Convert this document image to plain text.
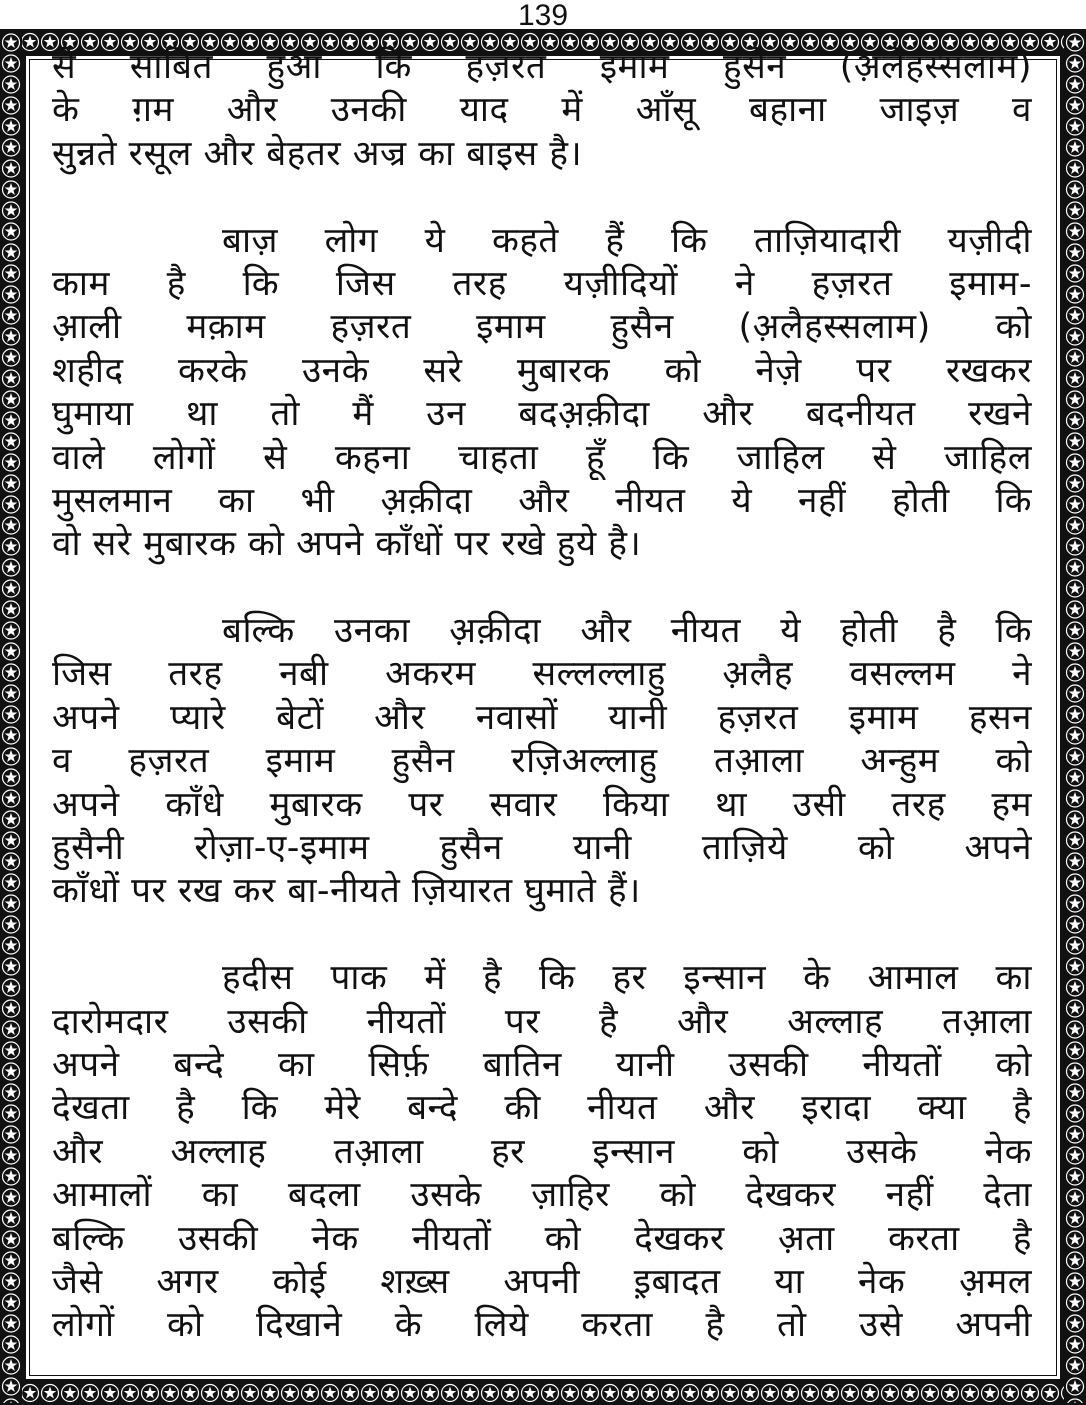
139
से साबित हुआ कि हज़रत इमाम हुसैन (अ़लैहस्सलाम)
के ग़म और उनकी याद में आँसू बहाना जाइज़ व
सुन्नते रसूल और बेहतर अज्र का बाइस है।
बाज़ लोग ये कहते हैं कि ताज़ियादारी यज़ीदी
काम है कि जिस तरह यज़ीदियों ने हज़रत इमाम-
आ़ली मक़ाम हज़रत इमाम हुसैन (अ़लैहस्सलाम) को
शहीद करके उनके सरे मुबारक को नेज़े पर रखकर
घुमाया था तो मैं उन बदअ़क़ीदा और बदनीयत रखने
वाले लोगों से कहना चाहता हूँ कि जाहिल से जाहिल
मुसलमान का भी अ़क़ीदा और नीयत ये नहीं होती कि
वो सरे मुबारक को अपने काँधों पर रखे हुये है।
बल्कि उनका अ़क़ीदा और नीयत ये होती है कि
जिस तरह नबी अकरम सल्लल्लाहु अ़लैह वसल्लम ने
अपने प्यारे बेटों और नवासों यानी हज़रत इमाम हसन
व हज़रत इमाम हुसैन रज़िअल्लाहु तआ़ला अन्हुम को
अपने काँधे मुबारक पर सवार किया था उसी तरह हम
हुसैनी रोज़ा-ए-इमाम हुसैन यानी ताज़िये को अपने
काँधों पर रख कर बा-नीयते ज़ियारत घुमाते हैं।
हदीस पाक में है कि हर इन्सान के आमाल का
दारोमदार उसकी नीयतों पर है और अल्लाह तआ़ला
अपने बन्दे का सिर्फ़ बातिन यानी उसकी नीयतों को
देखता है कि मेरे बन्दे की नीयत और इरादा क्या है
और अल्लाह तआ़ला हर इन्सान को उसके नेक
आमालों का बदला उसके ज़ाहिर को देखकर नहीं देता
बल्कि उसकी नेक नीयतों को देखकर अ़ता करता है
जैसे अगर कोई शख़्स अपनी इ़बादत या नेक अ़मल
लोगों को दिखाने के लिये करता है तो उसे अपनी
